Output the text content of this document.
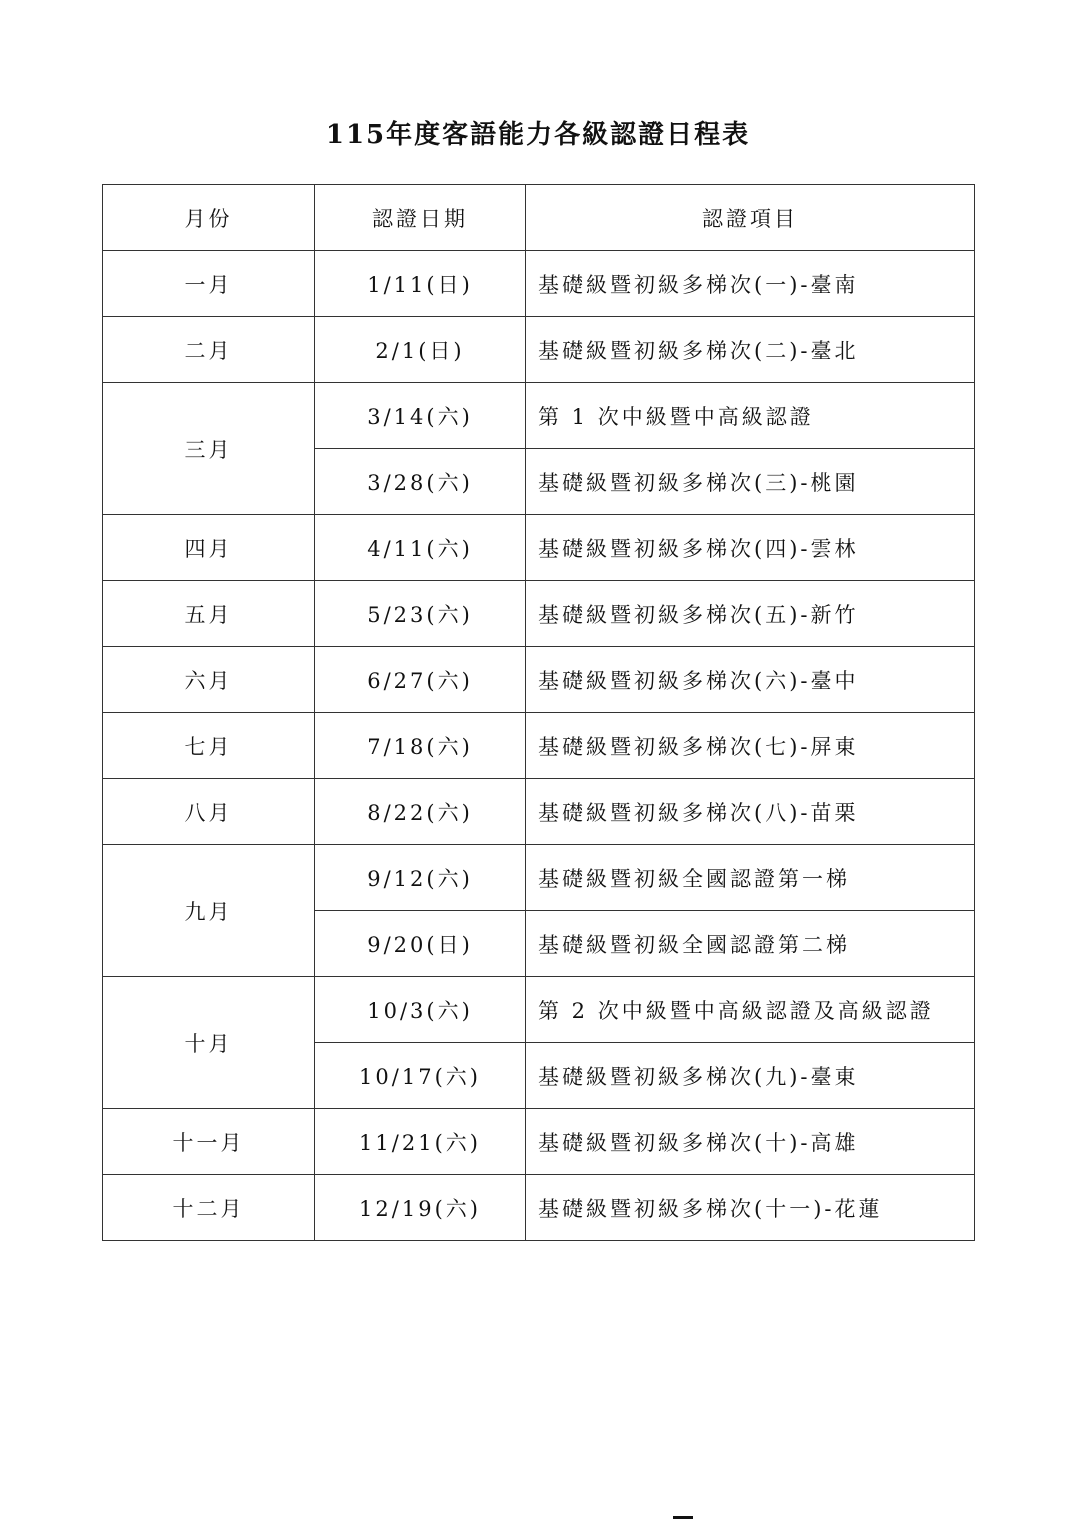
115年度客語能力各級認證日程表
月份	認證日期	認證項目
一月	1/11(日)	基礎級暨初級多梯次(一)-臺南
二月	2/1(日)	基礎級暨初級多梯次(二)-臺北
三月	3/14(六)	第 1 次中級暨中高級認證
	3/28(六)	基礎級暨初級多梯次(三)-桃園
四月	4/11(六)	基礎級暨初級多梯次(四)-雲林
五月	5/23(六)	基礎級暨初級多梯次(五)-新竹
六月	6/27(六)	基礎級暨初級多梯次(六)-臺中
七月	7/18(六)	基礎級暨初級多梯次(七)-屏東
八月	8/22(六)	基礎級暨初級多梯次(八)-苗栗
九月	9/12(六)	基礎級暨初級全國認證第一梯
	9/20(日)	基礎級暨初級全國認證第二梯
十月	10/3(六)	第 2 次中級暨中高級認證及高級認證
	10/17(六)	基礎級暨初級多梯次(九)-臺東
十一月	11/21(六)	基礎級暨初級多梯次(十)-高雄
十二月	12/19(六)	基礎級暨初級多梯次(十一)-花蓮
